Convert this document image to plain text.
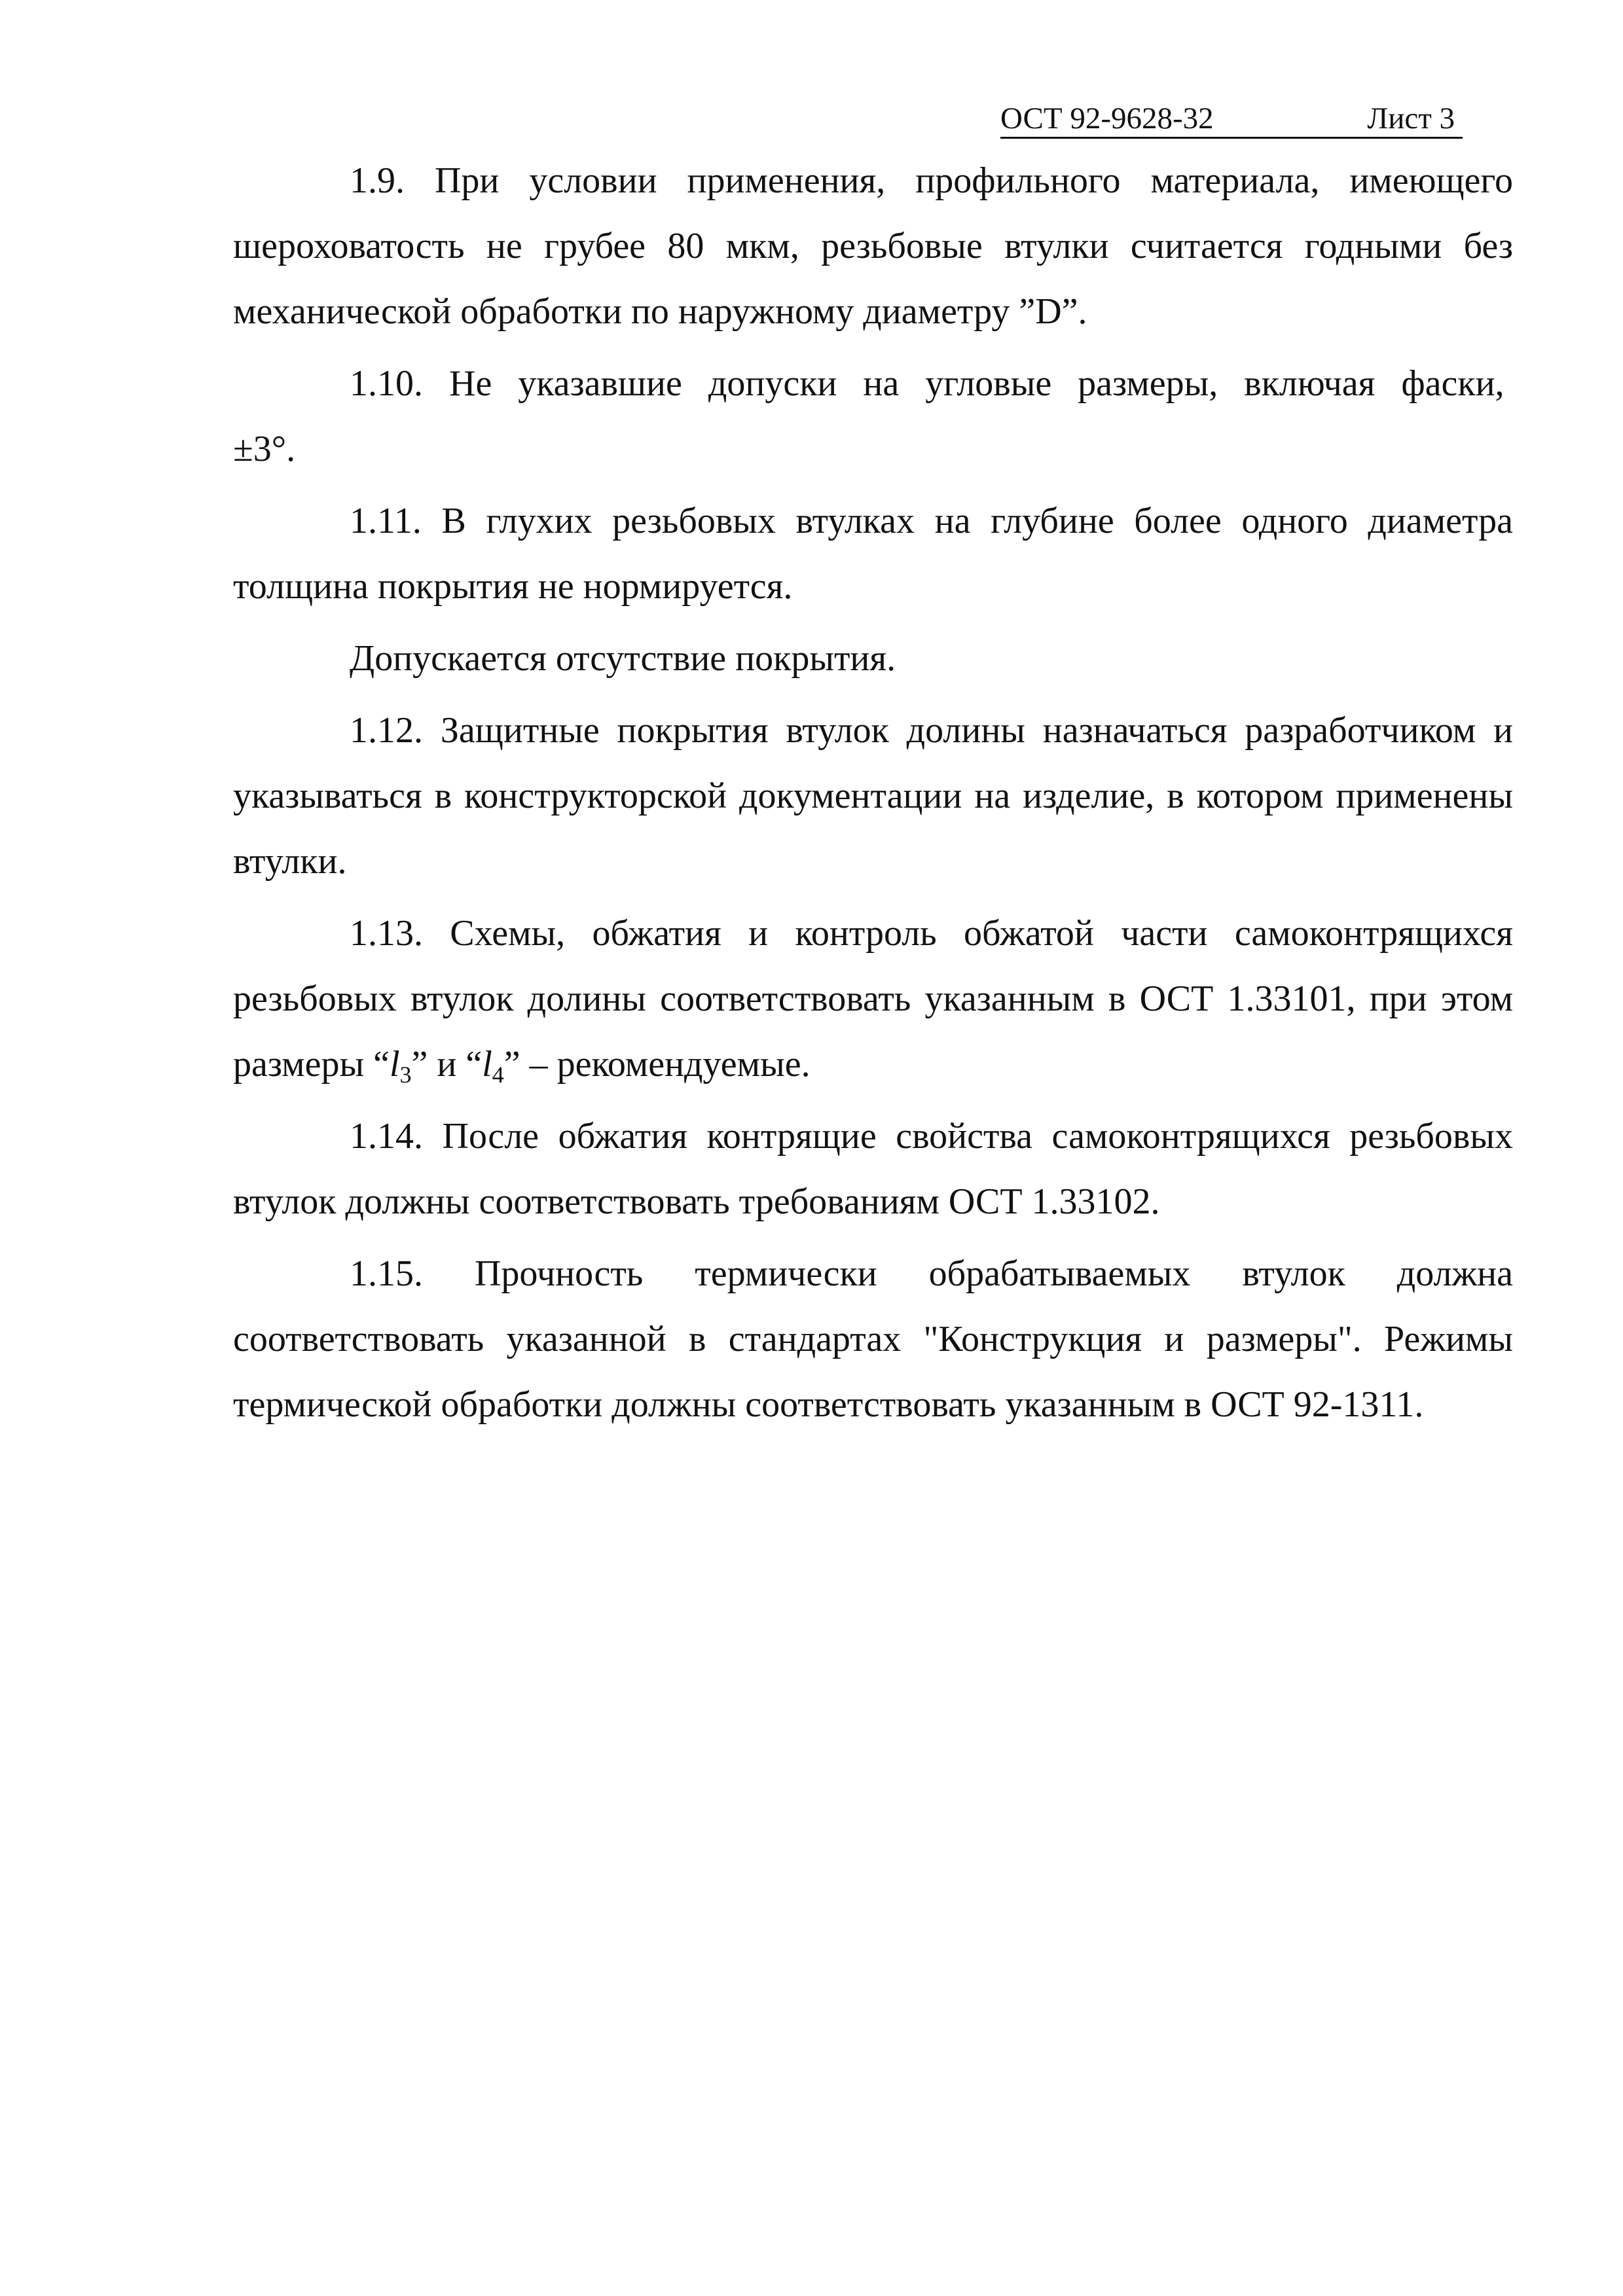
ОСТ 92-9628-32	Лист 3

1.9. При условии применения, профильного материала, имеющего шероховатость не грубее 80 мкм, резьбовые втулки считается годными без механической обработки по наружному диаметру ”D”.

1.10. Не указавшие допуски на угловые размеры, включая фаски, ±3°.

1.11. В глухих резьбовых втулках на глубине более одного диаметра толщина покрытия не нормируется.

Допускается отсутствие покрытия.

1.12. Защитные покрытия втулок долины назначаться разработчиком и указываться в конструкторской документации на изделие, в котором применены втулки.

1.13. Схемы, обжатия и контроль обжатой части самоконтрящихся резьбовых втулок долины соответствовать указанным в ОСТ 1.33101, при этом размеры “$l_3$” и “$l_4$” – рекомендуемые.

1.14. После обжатия контрящие свойства самоконтрящихся резьбовых втулок должны соответствовать требованиям ОСТ 1.33102.

1.15. Прочность термически обрабатываемых втулок должна соответствовать указанной в стандартах "Конструкция и размеры". Режимы термической обработки должны соответствовать указанным в ОСТ 92-1311.
